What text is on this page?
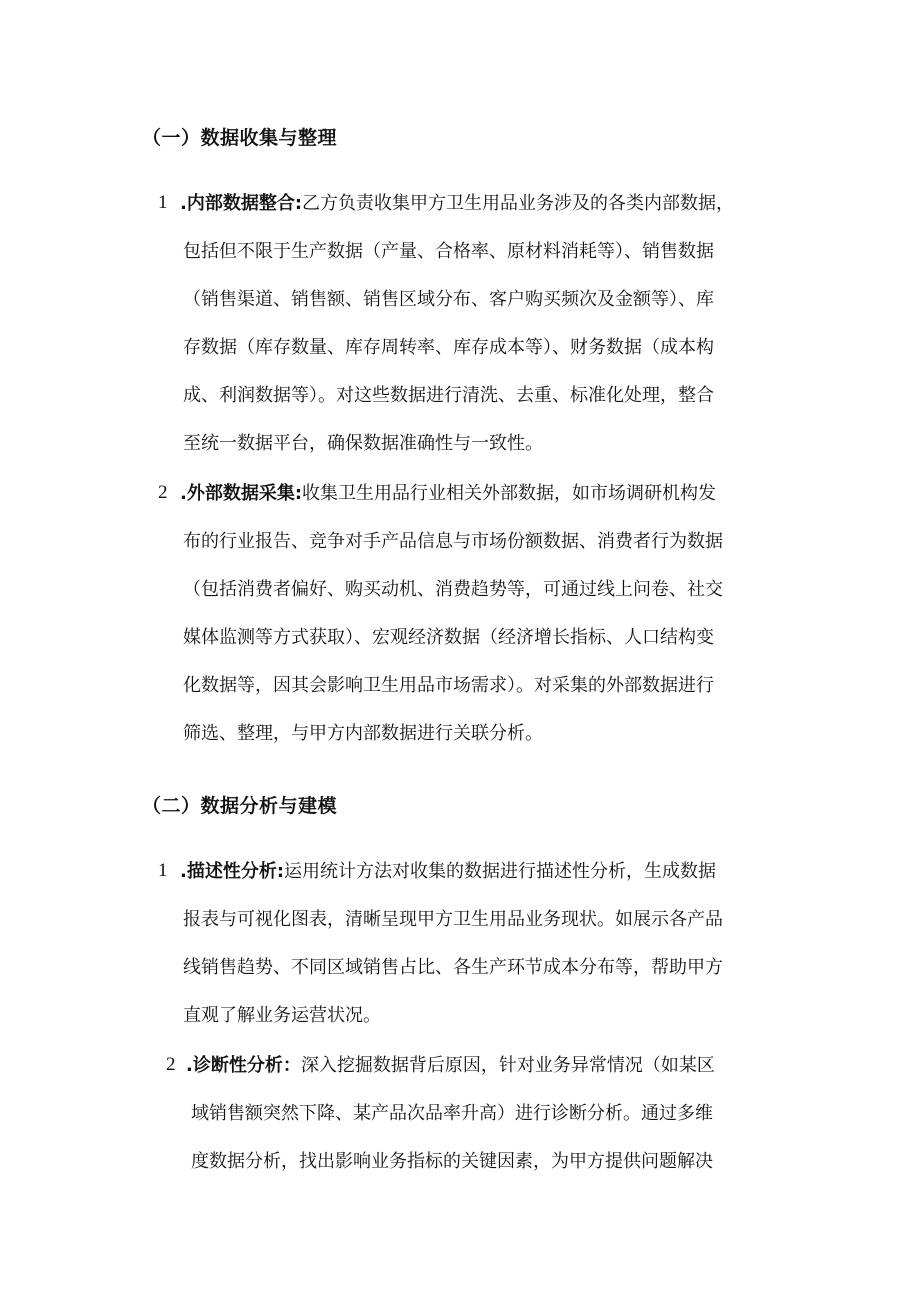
（一）数据收集与整理
1 .内部数据整合:乙方负责收集甲方卫生用品业务涉及的各类内部数据，
包括但不限于生产数据（产量、合格率、原材料消耗等）、销售数据
（销售渠道、销售额、销售区域分布、客户购买频次及金额等）、库
存数据（库存数量、库存周转率、库存成本等）、财务数据（成本构
成、利润数据等）。对这些数据进行清洗、去重、标准化处理，整合
至统一数据平台，确保数据准确性与一致性。
2 .外部数据采集:收集卫生用品行业相关外部数据，如市场调研机构发
布的行业报告、竞争对手产品信息与市场份额数据、消费者行为数据
（包括消费者偏好、购买动机、消费趋势等，可通过线上问卷、社交
媒体监测等方式获取）、宏观经济数据（经济增长指标、人口结构变
化数据等，因其会影响卫生用品市场需求）。对采集的外部数据进行
筛选、整理，与甲方内部数据进行关联分析。
（二）数据分析与建模
1 .描述性分析:运用统计方法对收集的数据进行描述性分析，生成数据
报表与可视化图表，清晰呈现甲方卫生用品业务现状。如展示各产品
线销售趋势、不同区域销售占比、各生产环节成本分布等，帮助甲方
直观了解业务运营状况。
2 .诊断性分析：深入挖掘数据背后原因，针对业务异常情况（如某区
域销售额突然下降、某产品次品率升高）进行诊断分析。通过多维
度数据分析，找出影响业务指标的关键因素，为甲方提供问题解决
